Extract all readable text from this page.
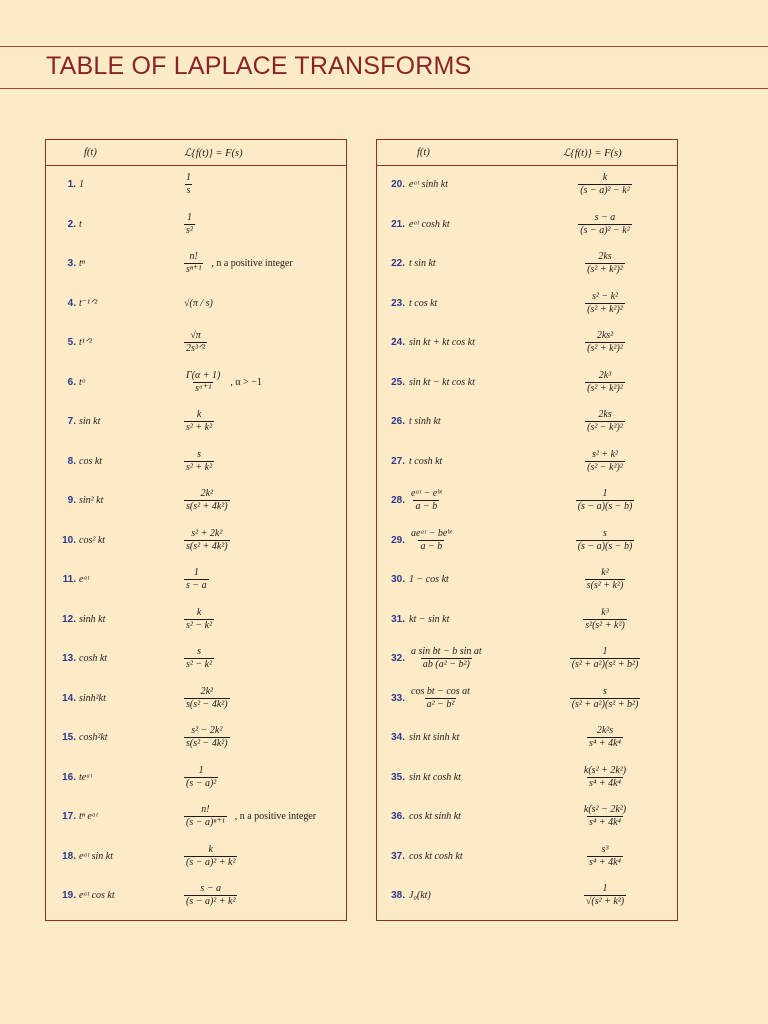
TABLE OF LAPLACE TRANSFORMS
f(t)	ℒ{f(t)} = F(s)
1. 1	$\frac{1}{s}$
2. t	$\frac{1}{\text{s²}}$
3. tⁿ	$\frac{n!}{\text{sⁿ⁺¹}}$ , n a positive integer
4. t⁻¹ᐟ²	√(π / s)
5. t¹ᐟ²	$\frac{√\pi}{\text{2s³ᐟ²}}$
6. tᵅ	$\frac{\Gamma(\alpha + 1)}{\text{sᵅ⁺¹}}$ , α > −1
7. sin kt	$\frac{k}{\text{s² + k²}}$
8. cos kt	$\frac{s}{\text{s² + k²}}$
9. sin² kt	$\frac{\text{2k²}}{\text{s(s² + 4k²)}}$
10. cos² kt	$\frac{\text{s² + 2k²}}{\text{s(s² + 4k²)}}$
11. eᵃᵗ	$\frac{1}{s - a}$
12. sinh kt	$\frac{k}{\text{s² − k²}}$
13. cosh kt	$\frac{s}{\text{s² − k²}}$
14. sinh²kt	$\frac{\text{2k²}}{\text{s(s² − 4k²)}}$
15. cosh²kt	$\frac{\text{s² − 2k²}}{\text{s(s² − 4k²)}}$
16. teᵃᵗ	$\frac{1}{\text{(s − a)²}}$
17. tⁿ eᵃᵗ	$\frac{n!}{\text{(s − a)ⁿ⁺¹}}$ , n a positive integer
18. eᵃᵗ sin kt	$\frac{k}{\text{(s − a)² + k²}}$
19. eᵃᵗ cos kt	$\frac{s - a}{\text{(s − a)² + k²}}$
f(t)	ℒ{f(t)} = F(s)
20. eᵃᵗ sinh kt	$\frac{k}{\text{(s − a)² − k²}}$
21. eᵃᵗ cosh kt	$\frac{s - a}{\text{(s − a)² − k²}}$
22. t sin kt	$\frac{2ks}{\text{(s² + k²)²}}$
23. t cos kt	$\frac{\text{s² − k²}}{\text{(s² + k²)²}}$
24. sin kt + kt cos kt	$\frac{\text{2ks²}}{\text{(s² + k²)²}}$
25. sin kt − kt cos kt	$\frac{\text{2k³}}{\text{(s² + k²)²}}$
26. t sinh kt	$\frac{2ks}{\text{(s² − k²)²}}$
27. t cosh kt	$\frac{\text{s² + k²}}{\text{(s² − k²)²}}$
28. $\frac{\text{eᵃᵗ − eᵇᵗ}}{a - b}$	$\frac{1}{(s - a)(s - b)}$
29. $\frac{\text{aeᵃᵗ − beᵇᵗ}}{a - b}$	$\frac{s}{(s - a)(s - b)}$
30. 1 − cos kt	$\frac{\text{k²}}{\text{s(s² + k²)}}$
31. kt − sin kt	$\frac{\text{k³}}{\text{s²(s² + k²)}}$
32. $\frac{\text{a sin bt − b sin at}}{\text{ab (a² − b²)}}$	$\frac{1}{\text{(s² + a²)(s² + b²)}}$
33. $\frac{\text{cos bt − cos at}}{\text{a² − b²}}$	$\frac{s}{\text{(s² + a²)(s² + b²)}}$
34. sin kt sinh kt	$\frac{\text{2k²s}}{\text{s⁴ + 4k⁴}}$
35. sin kt cosh kt	$\frac{\text{k(s² + 2k²)}}{\text{s⁴ + 4k⁴}}$
36. cos kt sinh kt	$\frac{\text{k(s² − 2k²)}}{\text{s⁴ + 4k⁴}}$
37. cos kt cosh kt	$\frac{\text{s³}}{\text{s⁴ + 4k⁴}}$
38. J₀(kt)	$\frac{1}{\text{√(s² + k²)}}$
